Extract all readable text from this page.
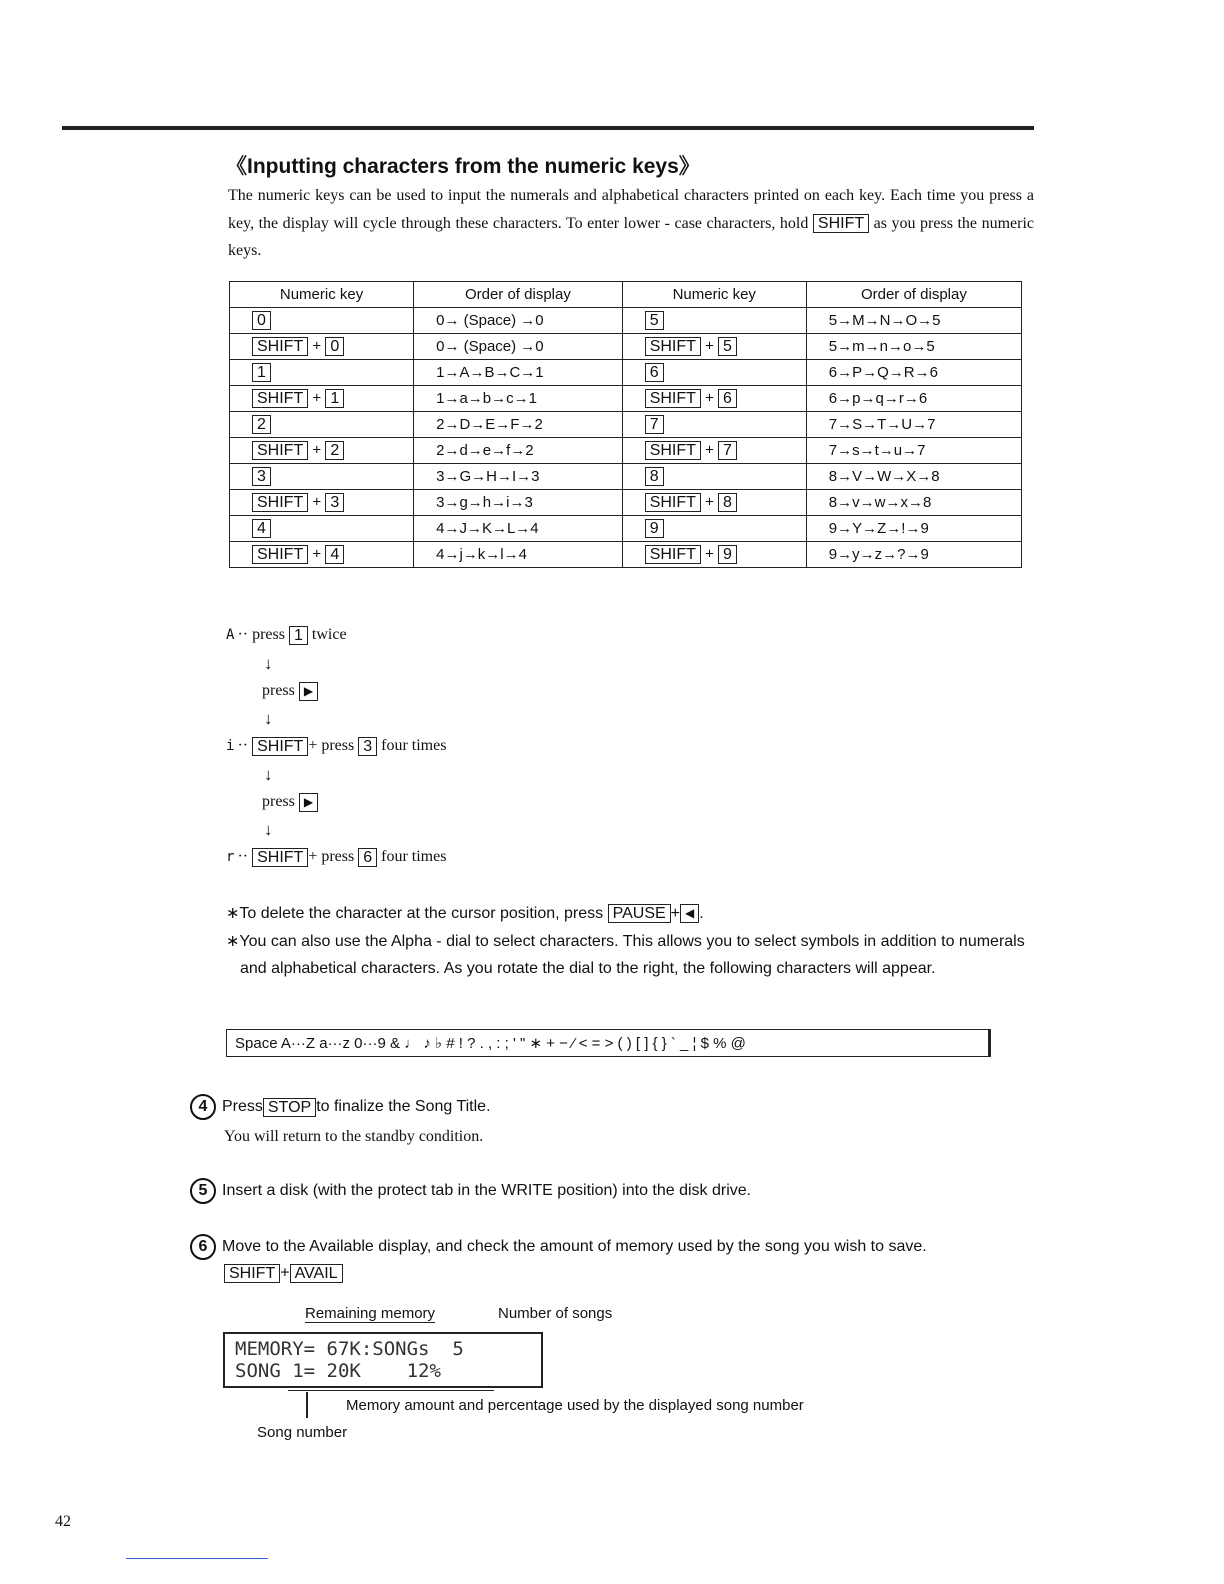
《Inputting characters from the numeric keys》

The numeric keys can be used to input the numerals and alphabetical characters printed on each key. Each time you press a key, the display will cycle through these characters. To enter lower - case characters, hold SHIFT as you press the numeric keys.

Numeric key	Order of display	Numeric key	Order of display
0	0→ (Space) →0	5	5→M→N→O→5
SHIFT + 0	0→ (Space) →0	SHIFT + 5	5→m→n→o→5
1	1→A→B→C→1	6	6→P→Q→R→6
SHIFT + 1	1→a→b→c→1	SHIFT + 6	6→p→q→r→6
2	2→D→E→F→2	7	7→S→T→U→7
SHIFT + 2	2→d→e→f→2	SHIFT + 7	7→s→t→u→7
3	3→G→H→I→3	8	8→V→W→X→8
SHIFT + 3	3→g→h→i→3	SHIFT + 8	8→v→w→x→8
4	4→J→K→L→4	9	9→Y→Z→!→9
SHIFT + 4	4→j→k→l→4	SHIFT + 9	9→y→z→?→9
A ·· press 1 twice
↓
press ▶
↓
i ·· SHIFT + press 3 four times
↓
press ▶
↓
r ·· SHIFT + press 6 four times

∗To delete the character at the cursor position, press PAUSE + ◀ .

∗You can also use the Alpha - dial to select characters. This allows you to select symbols in addition to numerals and alphabetical characters. As you rotate the dial to the right, the following characters will appear.

Space A···Z a···z 0···9 & ♩ ♪ ♭ # ! ? . , : ; ' " ∗ + − ⁄ < = > ( ) [ ] { } ` _ ¦ $ % @
4 Press STOP to finalize the Song Title.
You will return to the standby condition.
5 Insert a disk (with the protect tab in the WRITE position) into the disk drive.
6 Move to the Available display, and check the amount of memory used by the song you wish to save.
SHIFT + AVAIL
Remaining memory	Number of songs
MEMORY= 67K:SONGs  5
SONG 1= 20K    12%
Memory amount and percentage used by the displayed song number
Song number
42
